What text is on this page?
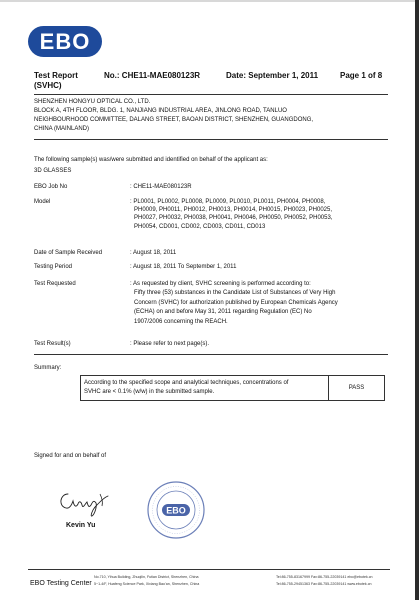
EBO
Test Report
(SVHC)
No.: CHE11-MAE080123R	Date: September 1, 2011	Page 1 of 8
SHENZHEN HONGYU OPTICAL CO., LTD.
BLOCK A, 4TH FLOOR, BLDG. 1, NANJIANG INDUSTRIAL AREA, JINLONG ROAD, TANLUO
NEIGHBOURHOOD COMMITTEE, DALANG STREET, BAOAN DISTRICT, SHENZHEN, GUANGDONG,
CHINA (MAINLAND)
The following sample(s) was/were submitted and identified on behalf of the applicant as:
3D GLASSES
EBO Job No	: CHE11-MAE080123R
Model	: PL0001, PL0002, PL0008, PL0009, PL0010, PL0011, PH0004, PH0008,
PH0009, PH0011, PH0012, PH0013, PH0014, PH0015, PH0023, PH0025,
PH0027, PH0032, PH0038, PH0041, PH0046, PH0050, PH0052, PH0053,
PH0054, CD001, CD002, CD003, CD011, CD013
Date of Sample Received	: August 18, 2011
Testing Period	: August 18, 2011 To September 1, 2011
Test Requested	: As requested by client, SVHC screening is performed according to:
Fifty three (53) substances in the Candidate List of Substances of Very High
Concern (SVHC) for authorization published by European Chemicals Agency
(ECHA) on and before May 31, 2011 regarding Regulation (EC) No
1907/2006 concerning the REACH.
Test Result(s)	: Please refer to next page(s).
Summary:
According to the specified scope and analytical techniques, concentrations of
SVHC are < 0.1% (w/w) in the submitted sample.
PASS
Signed for and on behalf of
EBO
Kevin Yu
EBO Testing Center
No.710, Yihua Building, Zhuqilin, Futian District, Shenzhen, China
5~1-4/F, Huafeng Science Park, Xixiang Bao'an, Shenzhen, China
Tel:86-755-83167999 Fax:86-755-22039141 ebo@ebotek.cn
Tel:86-755-29451363 Fax:86-755-22039141 www.ebotek.cn
